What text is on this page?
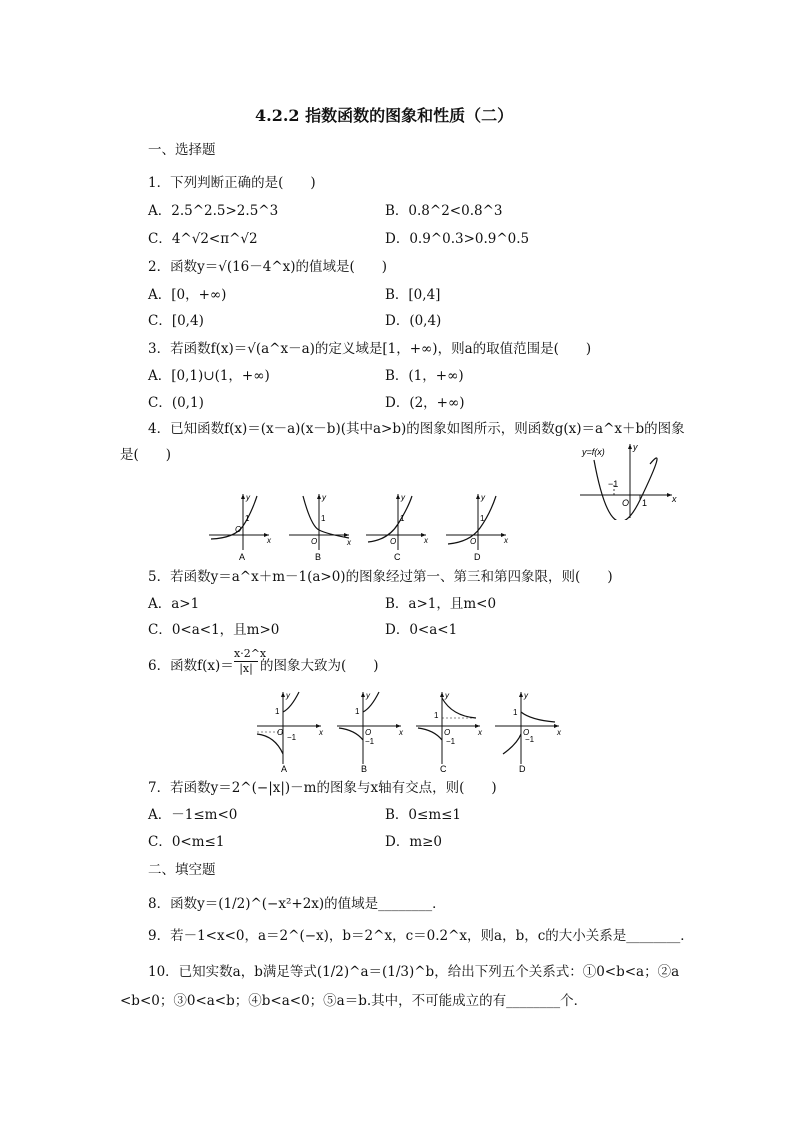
4.2.2 指数函数的图象和性质（二）
一、选择题
1．下列判断正确的是(　　)
A．2.5^2.5>2.5^3	B．0.8^2<0.8^3
C．4^√2<π^√2	D．0.9^0.3>0.9^0.5
2．函数y＝√(16－4^x)的值域是(　　)
A．[0，+∞)	B．[0,4]
C．[0,4)	D．(0,4)
3．若函数f(x)＝√(a^x－a)的定义域是[1，+∞)，则a的取值范围是(　　)
A．[0,1)∪(1，+∞)	B．(1，+∞)
C．(0,1)	D．(2，+∞)
4．已知函数f(x)＝(x－a)(x－b)(其中a>b)的图象如图所示，则函数g(x)＝a^x＋b的图象
是(　　)	y=f(x)
−1
O 1	x
y
y
1
O
x
A
y
1
O	x
B
y
1
O	x
C
y
1
O	x
D
5．若函数y＝a^x＋m－1(a>0)的图象经过第一、第三和第四象限，则(　　)
A．a>1	B．a>1，且m<0
C．0<a<1，且m>0	D．0<a<1
6．函数$f(x)= \frac{x\cdot 2\^{}x}{|x|}$ 的图象大致为(　　)
y
1
O
−1
x
A
y
1
O
−1
x
B
y
1
O
−1
x
C
y
1
O
−1
x
D
7．若函数y＝2^(−|x|)－m的图象与x轴有交点，则(　　)
A．－1≤m<0	B．0≤m≤1
C．0<m≤1	D．m≥0
二、填空题
8．函数y＝(1/2)^(−x²+2x)的值域是________．
9．若－1<x<0，a＝2^(−x)，b＝2^x，c＝0.2^x，则a，b，c的大小关系是________．
10．已知实数a，b满足等式(1/2)^a＝(1/3)^b，给出下列五个关系式：①0<b<a；②a
<b<0；③0<a<b；④b<a<0；⑤a＝b.其中，不可能成立的有________个．
